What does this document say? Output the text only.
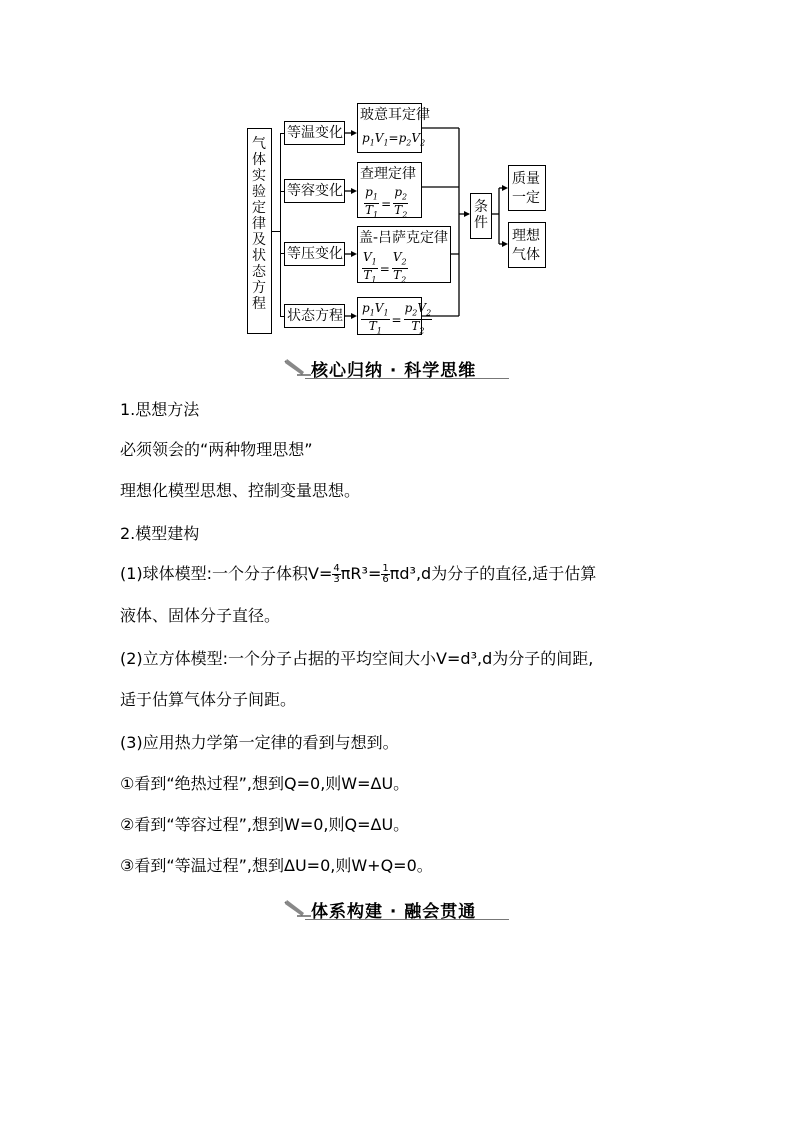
气体实验定律及状态方程
等温变化
等容变化
等压变化
状态方程
玻意耳定律
$p_1V_1=p_2V_2$
查理定律
$\frac{p_1}{T_1} = \frac{p_2}{T_2}$
盖-吕萨克定律
$\frac{V_1}{T_1} = \frac{V_2}{T_2}$
$\frac{p_1V_1}{T_1} = \frac{p_2V_2}{T_2}$
条件
质量一定
理想气体
核心归纳 · 科学思维
1.思想方法
必须领会的“两种物理思想”
理想化模型思想、控制变量思想。
2.模型建构
(1)球体模型:一个分子体积$V= \frac{4}{3} \pi R^3= \frac{1}{6} \pi d^3,d$为分子的直径,适于估算
液体、固体分子直径。
(2)立方体模型:一个分子占据的平均空间大小V=d³,d为分子的间距,
适于估算气体分子间距。
(3)应用热力学第一定律的看到与想到。
①看到“绝热过程”,想到Q=0,则W=ΔU。
②看到“等容过程”,想到W=0,则Q=ΔU。
③看到“等温过程”,想到ΔU=0,则W+Q=0。
体系构建 · 融会贯通
